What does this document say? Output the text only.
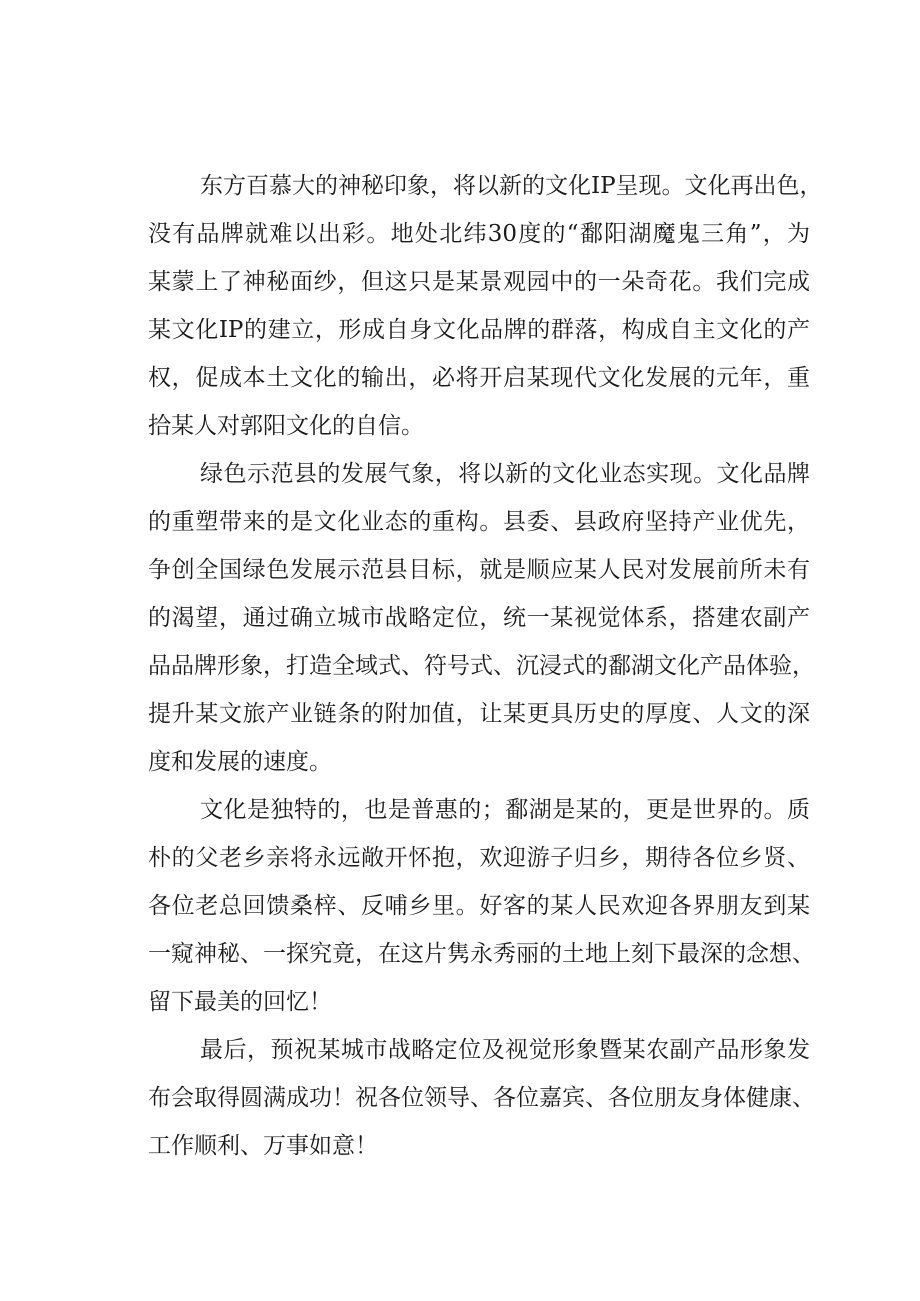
东方百慕大的神秘印象，将以新的文化IP呈现。文化再出色，
没有品牌就难以出彩。地处北纬30度的“鄱阳湖魔鬼三角”，为
某蒙上了神秘面纱，但这只是某景观园中的一朵奇花。我们完成
某文化IP的建立，形成自身文化品牌的群落，构成自主文化的产
权，促成本土文化的输出，必将开启某现代文化发展的元年，重
拾某人对郭阳文化的自信。
绿色示范县的发展气象，将以新的文化业态实现。文化品牌
的重塑带来的是文化业态的重构。县委、县政府坚持产业优先，
争创全国绿色发展示范县目标，就是顺应某人民对发展前所未有
的渴望，通过确立城市战略定位，统一某视觉体系，搭建农副产
品品牌形象，打造全域式、符号式、沉浸式的鄱湖文化产品体验，
提升某文旅产业链条的附加值，让某更具历史的厚度、人文的深
度和发展的速度。
文化是独特的，也是普惠的；鄱湖是某的，更是世界的。质
朴的父老乡亲将永远敞开怀抱，欢迎游子归乡，期待各位乡贤、
各位老总回馈桑梓、反哺乡里。好客的某人民欢迎各界朋友到某
一窥神秘、一探究竟，在这片隽永秀丽的土地上刻下最深的念想、
留下最美的回忆！
最后，预祝某城市战略定位及视觉形象暨某农副产品形象发
布会取得圆满成功！祝各位领导、各位嘉宾、各位朋友身体健康、
工作顺利、万事如意！
